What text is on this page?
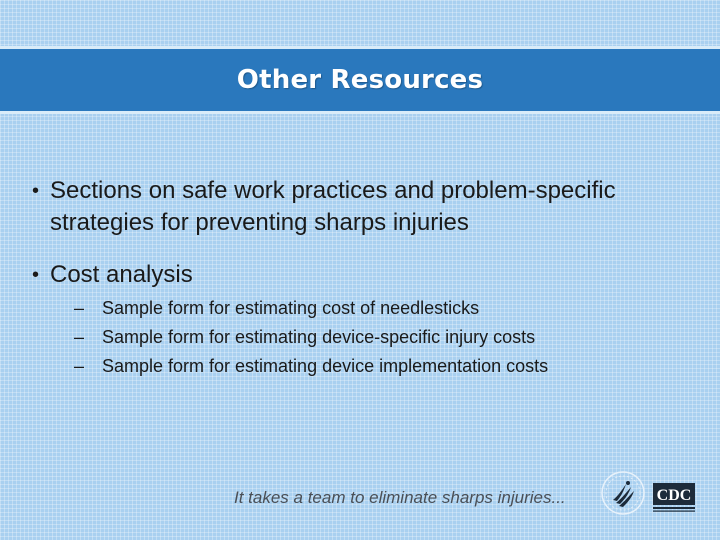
Other Resources
• Sections on safe work practices and problem-specific strategies for preventing sharps injuries
• Cost analysis
– Sample form for estimating cost of needlesticks
– Sample form for estimating device-specific injury costs
– Sample form for estimating device implementation costs
It takes a team to eliminate sharps injuries...	CDC
